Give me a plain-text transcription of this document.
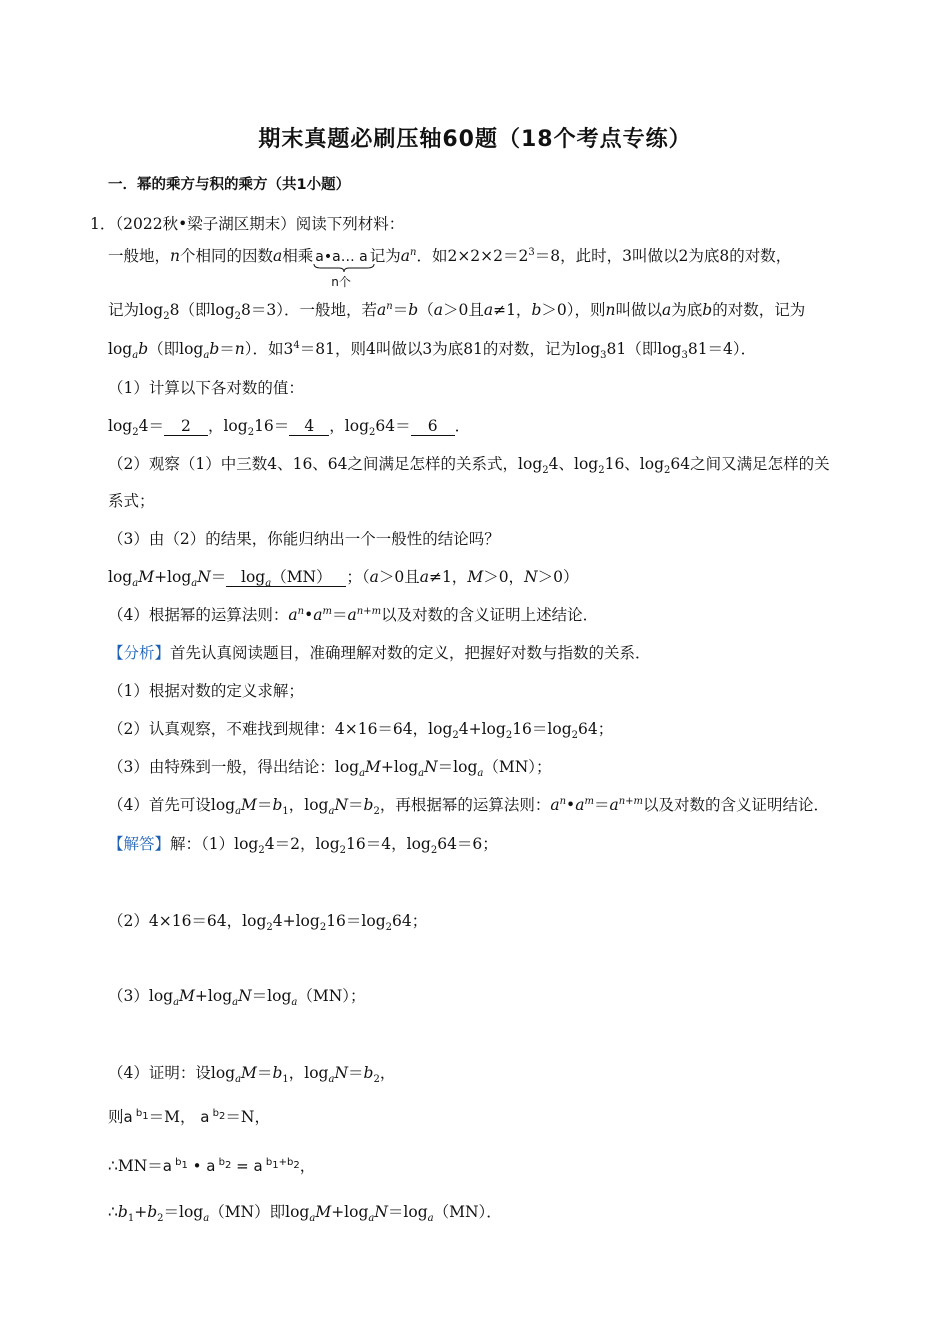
期末真题必刷压轴60题（18个考点专练）
一．幂的乘方与积的乘方（共1小题）
1．（2022秋•梁子湖区期末）阅读下列材料：
一般地，n个相同的因数a相乘 a•a… a
n个
记为$a^n$．如$2\times 2\times 2=2^3=8$，此时，3叫做以2为底8的对数，
记为$\log_28$（即$\log_28=3$）．一般地，若$a^n=b(a>0$且a≠1，b＞0），则n叫做以a为底b的对数，记为
$\log_ab$（即$\log_ab=n$）．如$3^4=81$，则4叫做以3为底81的对数，记为$\log_381$（即$\log_381=4$）．
（1）计算以下各对数的值：
$\log_24= 2$ ，$\log_216= 4$ ，$\log_264= 6$ ．
（2）观察（1）中三数4、16、64之间满足怎样的关系式，$\log_24$、$\log_216$、$\log_264$之间又满足怎样的关
系式；
（3）由（2）的结果，你能归纳出一个一般性的结论吗？
$\log_aM+\log_aN= \log_a(MN)$ ；（a＞0且a≠1，M＞0，N＞0）
（4）根据幂的运算法则：$a^n•a^m=a^{n+m}$以及对数的含义证明上述结论．
【分析】首先认真阅读题目，准确理解对数的定义，把握好对数与指数的关系．
（1）根据对数的定义求解；
（2）认真观察，不难找到规律：4×16＝64，$\log_24+\log_216=\log_264$；
（3）由特殊到一般，得出结论：$\log_aM+\log_aN=\log_a(MN)$；
（4）首先可设$\log_aM=b_1$，$\log_aN=b_2$，再根据幂的运算法则：$a^n•a^m=a^{n+m}$以及对数的含义证明结论．
【解答】解：$(1)\log_24=2$，$\log_216=4$，$\log_264=6$；
（2）4×16＝64，$\log_24+\log_216=\log_264$；
$(3)\log_aM+\log_aN=\log_a(MN)$；
（4）证明：设$\log_aM=b_1$，$\log_aN=b_2$，
则a $^{b_1}$＝M， a $^{b_2}$＝N，
∴MN＝a $^{b_1}$ • a $^{b_2}$ = a $^{b_1+b_2}$，
$\therefore b_1+b_2=\log_a(MN)$即$\log_aM+\log_aN=\log_a(MN)$．
